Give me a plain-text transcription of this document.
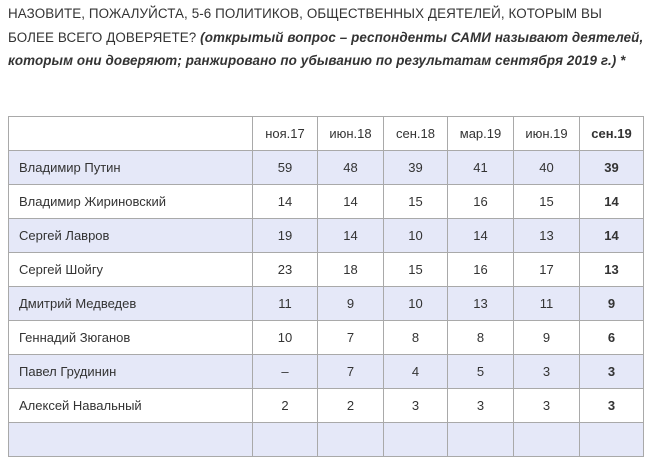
НАЗОВИТЕ, ПОЖАЛУЙСТА, 5-6 ПОЛИТИКОВ, ОБЩЕСТВЕННЫХ ДЕЯТЕЛЕЙ, КОТОРЫМ ВЫ БОЛЕЕ ВСЕГО ДОВЕРЯЕТЕ? (открытый вопрос – респонденты САМИ называют деятелей, которым они доверяют; ранжировано по убыванию по результатам сентября 2019 г.) *
	ноя.17	июн.18	сен.18	мар.19	июн.19	сен.19
Владимир Путин	59	48	39	41	40	39
Владимир Жириновский	14	14	15	16	15	14
Сергей Лавров	19	14	10	14	13	14
Сергей Шойгу	23	18	15	16	17	13
Дмитрий Медведев	11	9	10	13	11	9
Геннадий Зюганов	10	7	8	8	9	6
Павел Грудинин	–	7	4	5	3	3
Алексей Навальный	2	2	3	3	3	3
